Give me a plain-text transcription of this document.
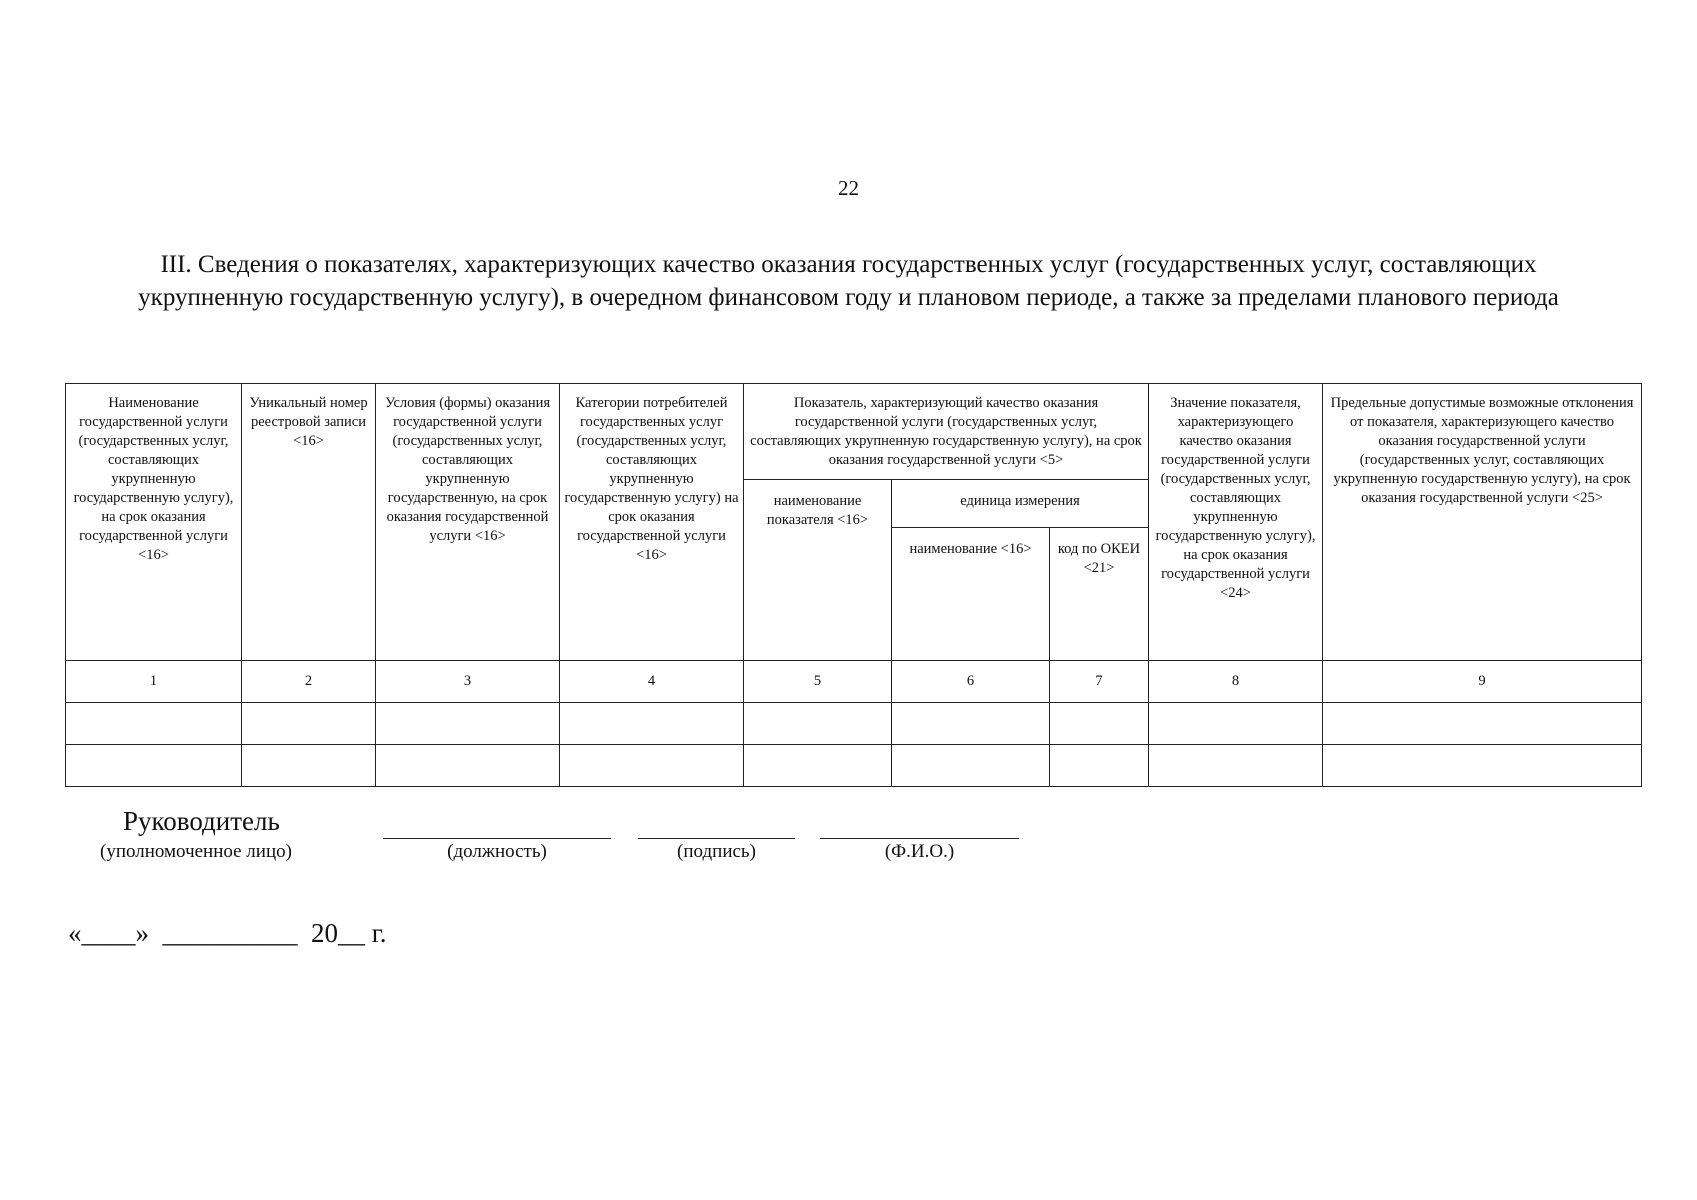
22
III. Сведения о показателях, характеризующих качество оказания государственных услуг (государственных услуг, составляющих укрупненную государственную услугу), в очередном финансовом году и плановом периоде, а также за пределами планового периода
Наименование государственной услуги (государственных услуг, составляющих укрупненную государственную услугу), на срок оказания государственной услуги <16>	Уникальный номер реестровой записи <16>	Условия (формы) оказания государственной услуги (государственных услуг, составляющих укрупненную государственную, на срок оказания государственной услуги <16>	Категории потребителей государственных услуг (государственных услуг, составляющих укрупненную государственную услугу) на срок оказания государственной услуги <16>	Показатель, характеризующий качество оказания государственной услуги (государственных услуг, составляющих укрупненную государственную услугу), на срок оказания государственной услуги <5>			Значение показателя, характеризующего качество оказания государственной услуги (государственных услуг, составляющих укрупненную государственную услугу), на срок оказания государственной услуги <24>	Предельные допустимые возможные отклонения от показателя, характеризующего качество оказания государственной услуги (государственных услуг, составляющих укрупненную государственную услугу), на срок оказания государственной услуги <25>
				наименование показателя <16>	единица измерения			
					наименование <16>	код по ОКЕИ <21>		
1	2	3	4	5	6	7	8	9

Руководитель
(уполномоченное лицо)	(должность)	(подпись)	(Ф.И.О.)
«____»  __________  20__ г.
